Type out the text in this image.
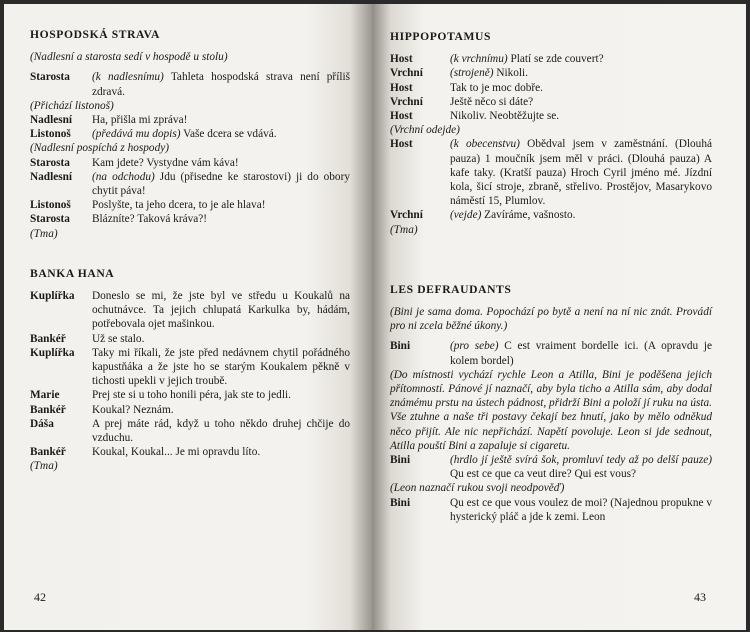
HOSPODSKÁ STRAVA
(Nadlesní a starosta sedí v hospodě u stolu)
Starosta	(k nadlesnímu) Tahleta hospodská strava není příliš zdravá.
(Přichází listonoš)
Nadlesní	Ha, přišla mi zpráva!
Listonoš	(předává mu dopis) Vaše dcera se vdává.
(Nadlesní pospíchá z hospody)
Starosta	Kam jdete? Vystydne vám káva!
Nadlesní	(na odchodu) Jdu (přisedne ke starostovi) ji do obory chytit páva!
Listonoš	Poslyšte, ta jeho dcera, to je ale hlava!
Starosta	Blázníte? Taková kráva?!
(Tma)
BANKA HANA
Kuplířka	Doneslo se mi, že jste byl ve středu u Koukalů na ochutnávce. Ta jejich chlupatá Karkulka by, hádám, potřebovala ojet mašinkou.
Bankéř	Už se stalo.
Kuplířka	Taky mi říkali, že jste před nedávnem chytil pořádného kapustňáka a že jste ho se starým Koukalem pěkně v tichosti upekli v jejich troubě.
Marie	Prej ste si u toho honili péra, jak ste to jedli.
Bankéř	Koukal? Neznám.
Dáša	A prej máte rád, když u toho někdo druhej chčije do vzduchu.
Bankéř	Koukal, Koukal... Je mi opravdu líto.
(Tma)
42
HIPPOPOTAMUS
Host	(k vrchnímu) Platí se zde couvert?
Vrchní	(strojeně) Nikoli.
Host	Tak to je moc dobře.
Vrchní	Ještě něco si dáte?
Host	Nikoliv. Neobtěžujte se.
(Vrchní odejde)
Host	(k obecenstvu) Obědval jsem v zaměstnání. (Dlouhá pauza) 1 moučník jsem měl v práci. (Dlouhá pauza) A kafe taky. (Kratší pauza) Hroch Cyril jméno mé. Jízdní kola, šicí stroje, zbraně, střelivo. Prostějov, Masarykovo náměstí 15, Plumlov.
Vrchní	(vejde) Zavíráme, vašnosto.
(Tma)
LES DEFRAUDANTS
(Bini je sama doma. Popochází po bytě a není na ní nic znát. Provádí pro ni zcela běžné úkony.)
Bini	(pro sebe) C est vraiment bordelle ici. (A opravdu je kolem bordel)
(Do místnosti vychází rychle Leon a Atilla, Bini je poděšena jejich přítomností. Pánové jí naznačí, aby byla ticho a Atilla sám, aby dodal známému prstu na ústech pádnost, přidrží Bini a položí jí ruku na ústa. Vše ztuhne a naše tři postavy čekají bez hnutí, jako by mělo odněkud něco přijít. Ale nic nepřichází. Napětí povoluje. Leon si jde sednout, Atilla pouští Bini a zapaluje si cigaretu.
Bini	(hrdlo jí ještě svírá šok, promluví tedy až po delší pauze) Qu est ce que ca veut dire? Qui est vous?
(Leon naznačí rukou svoji neodpověď)
Bini	Qu est ce que vous voulez de moi? (Najednou propukne v hysterický pláč a jde k zemi. Leon
43
